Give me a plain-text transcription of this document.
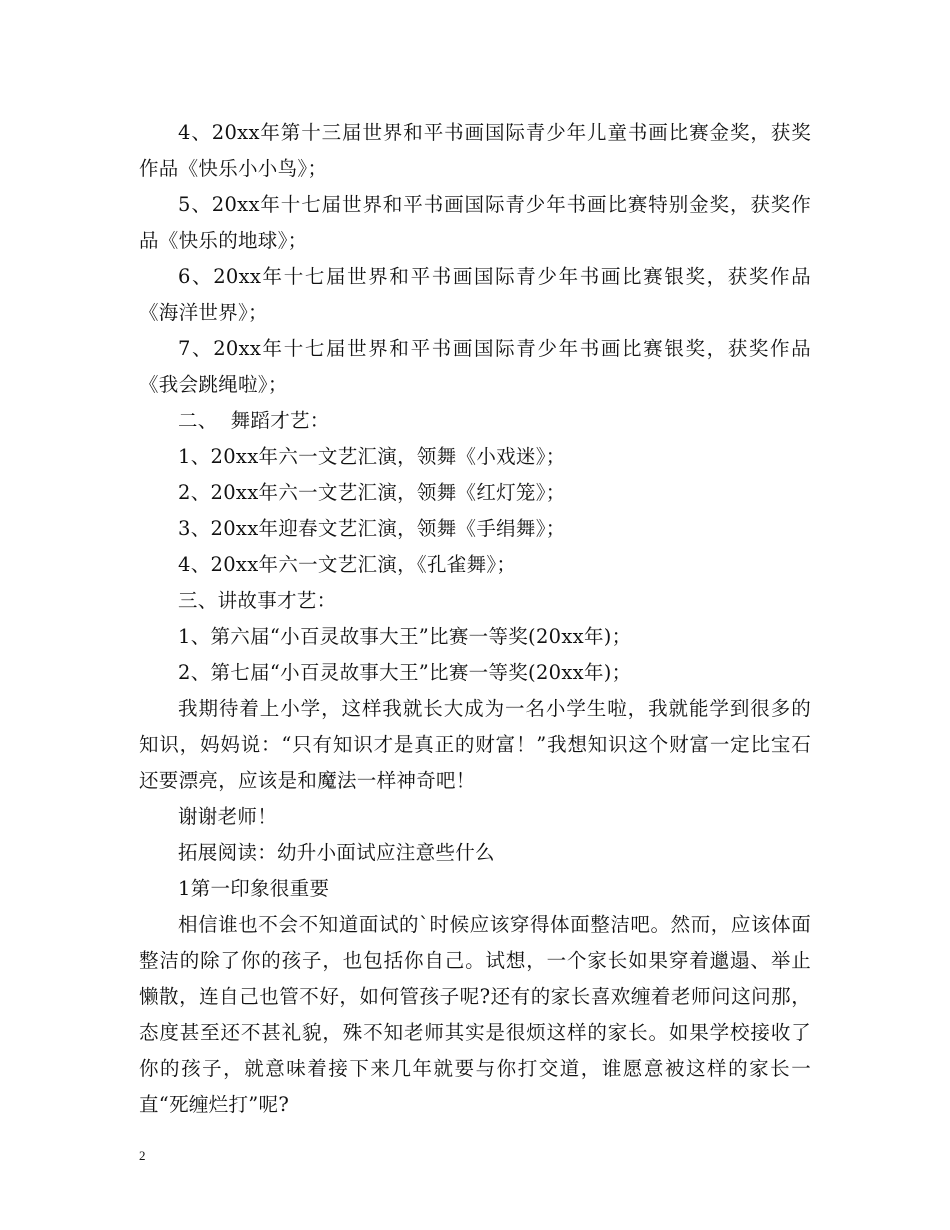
4、20xx年第十三届世界和平书画国际青少年儿童书画比赛金奖，获奖作品《快乐小小鸟》；

5、20xx年十七届世界和平书画国际青少年书画比赛特别金奖，获奖作品《快乐的地球》；

6、20xx年十七届世界和平书画国际青少年书画比赛银奖，获奖作品《海洋世界》；

7、20xx年十七届世界和平书画国际青少年书画比赛银奖，获奖作品《我会跳绳啦》；

二、  舞蹈才艺：

1、20xx年六一文艺汇演，领舞《小戏迷》；

2、20xx年六一文艺汇演，领舞《红灯笼》；

3、20xx年迎春文艺汇演，领舞《手绢舞》；

4、20xx年六一文艺汇演，《孔雀舞》；

三、讲故事才艺：

1、第六届“小百灵故事大王”比赛一等奖(20xx年)；

2、第七届“小百灵故事大王”比赛一等奖(20xx年)；

我期待着上小学，这样我就长大成为一名小学生啦，我就能学到很多的知识，妈妈说：“只有知识才是真正的财富！”我想知识这个财富一定比宝石还要漂亮，应该是和魔法一样神奇吧！

谢谢老师！

拓展阅读：幼升小面试应注意些什么

1第一印象很重要

相信谁也不会不知道面试的`时候应该穿得体面整洁吧。然而，应该体面整洁的除了你的孩子，也包括你自己。试想，一个家长如果穿着邋遢、举止懒散，连自己也管不好，如何管孩子呢?还有的家长喜欢缠着老师问这问那，态度甚至还不甚礼貌，殊不知老师其实是很烦这样的家长。如果学校接收了你的孩子，就意味着接下来几年就要与你打交道，谁愿意被这样的家长一直“死缠烂打”呢?

2
